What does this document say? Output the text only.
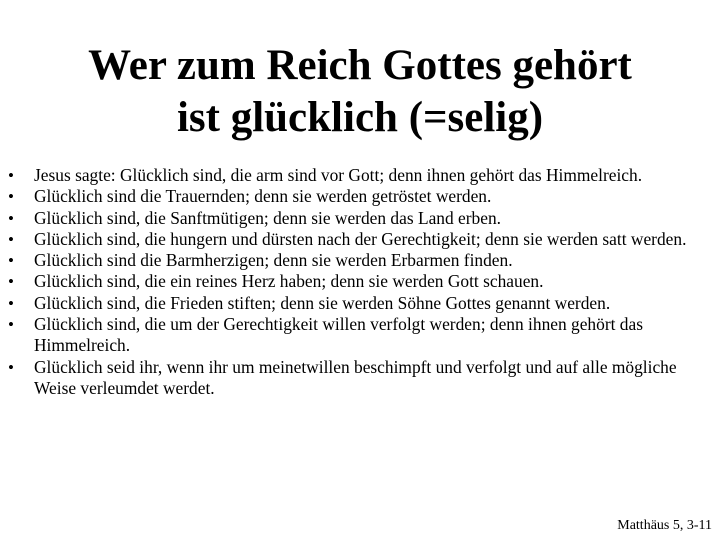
Wer zum Reich Gottes gehört
ist glücklich (=selig)
•	Jesus sagte: Glücklich sind, die arm sind vor Gott; denn ihnen gehört das Himmelreich.
•	Glücklich sind die Trauernden; denn sie werden getröstet werden.
•	Glücklich sind, die Sanftmütigen; denn sie werden das Land erben.
•	Glücklich sind, die hungern und dürsten nach der Gerechtigkeit; denn sie werden satt werden.
•	Glücklich sind die Barmherzigen; denn sie werden Erbarmen finden.
•	Glücklich sind, die ein reines Herz haben; denn sie werden Gott schauen.
•	Glücklich sind, die Frieden stiften; denn sie werden Söhne Gottes genannt werden.
•	Glücklich sind, die um der Gerechtigkeit willen verfolgt werden; denn ihnen gehört das Himmelreich.
•	Glücklich seid ihr, wenn ihr um meinetwillen beschimpft und verfolgt und auf alle mögliche Weise verleumdet werdet.
Matthäus 5, 3-11
